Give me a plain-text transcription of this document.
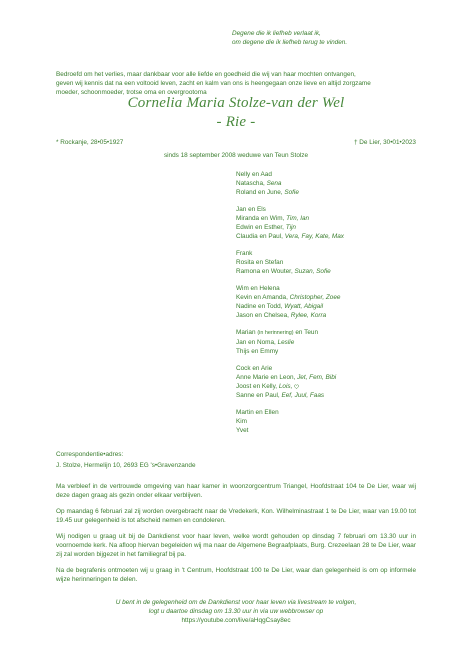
Degene die ik liefheb verlaat ik,
om degene die ik liefheb terug te vinden.
Bedroefd om het verlies, maar dankbaar voor alle liefde en goedheid die wij van haar mochten ontvangen,
geven wij kennis dat na een voltooid leven, zacht en kalm van ons is heengegaan onze lieve en altijd zorgzame
moeder, schoonmoeder, trotse oma en overgrootoma
Cornelia Maria Stolze-van der Wel
- Rie -
* Rockanje, 28•05•1927	† De Lier, 30•01•2023
sinds 18 september 2008 weduwe van Teun Stolze
Nelly en Aad
Natascha, Sena
Roland en June, Sofie
Jan en Els
Miranda en Wim, Tim, Ian
Edwin en Esther, Tijn
Claudia en Paul, Vera, Fay, Kate, Max
Frank
Rosita en Stefan
Ramona en Wouter, Suzan, Sofie
Wim en Helena
Kevin en Amanda, Christopher, Zoee
Nadine en Todd, Wyatt, Abigail
Jason en Chelsea, Rylee, Korra
Marian (in herinnering) en Teun
Jan en Noma, Leslie
Thijs en Emmy
Cock en Arie
Anne Marie en Leon, Jet, Fem, Bibi
Joost en Kelly, Lois,
Sanne en Paul, Eef, Juul, Faas
Martin en Ellen
Kim
Yvet
Correspondentie•adres:
J. Stolze, Hermelijn 10, 2693 EG 's•Gravenzande
Ma verbleef in de vertrouwde omgeving van haar kamer in woonzorgcentrum Triangel, Hoofdstraat 104 te De Lier, waar wij deze dagen graag als gezin onder elkaar verblijven.
Op maandag 6 februari zal zij worden overgebracht naar de Vredekerk, Kon. Wilhelminastraat 1 te De Lier, waar van 19.00 tot 19.45 uur gelegenheid is tot afscheid nemen en condoleren.
Wij nodigen u graag uit bij de Dankdienst voor haar leven, welke wordt gehouden op dinsdag 7 februari om 13.30 uur in voornoemde kerk. Na afloop hiervan begeleiden wij ma naar de Algemene Begraafplaats, Burg. Crezeelaan 28 te De Lier, waar zij zal worden bijgezet in het familiegraf bij pa.
Na de begrafenis ontmoeten wij u graag in 't Centrum, Hoofdstraat 100 te De Lier, waar dan gelegenheid is om op informele wijze herinneringen te delen.
U bent in de gelegenheid om de Dankdienst voor haar leven via livestream te volgen,
logt u daartoe dinsdag om 13.30 uur in via uw webbrowser op
https://youtube.com/live/aHqgCsay8ec
